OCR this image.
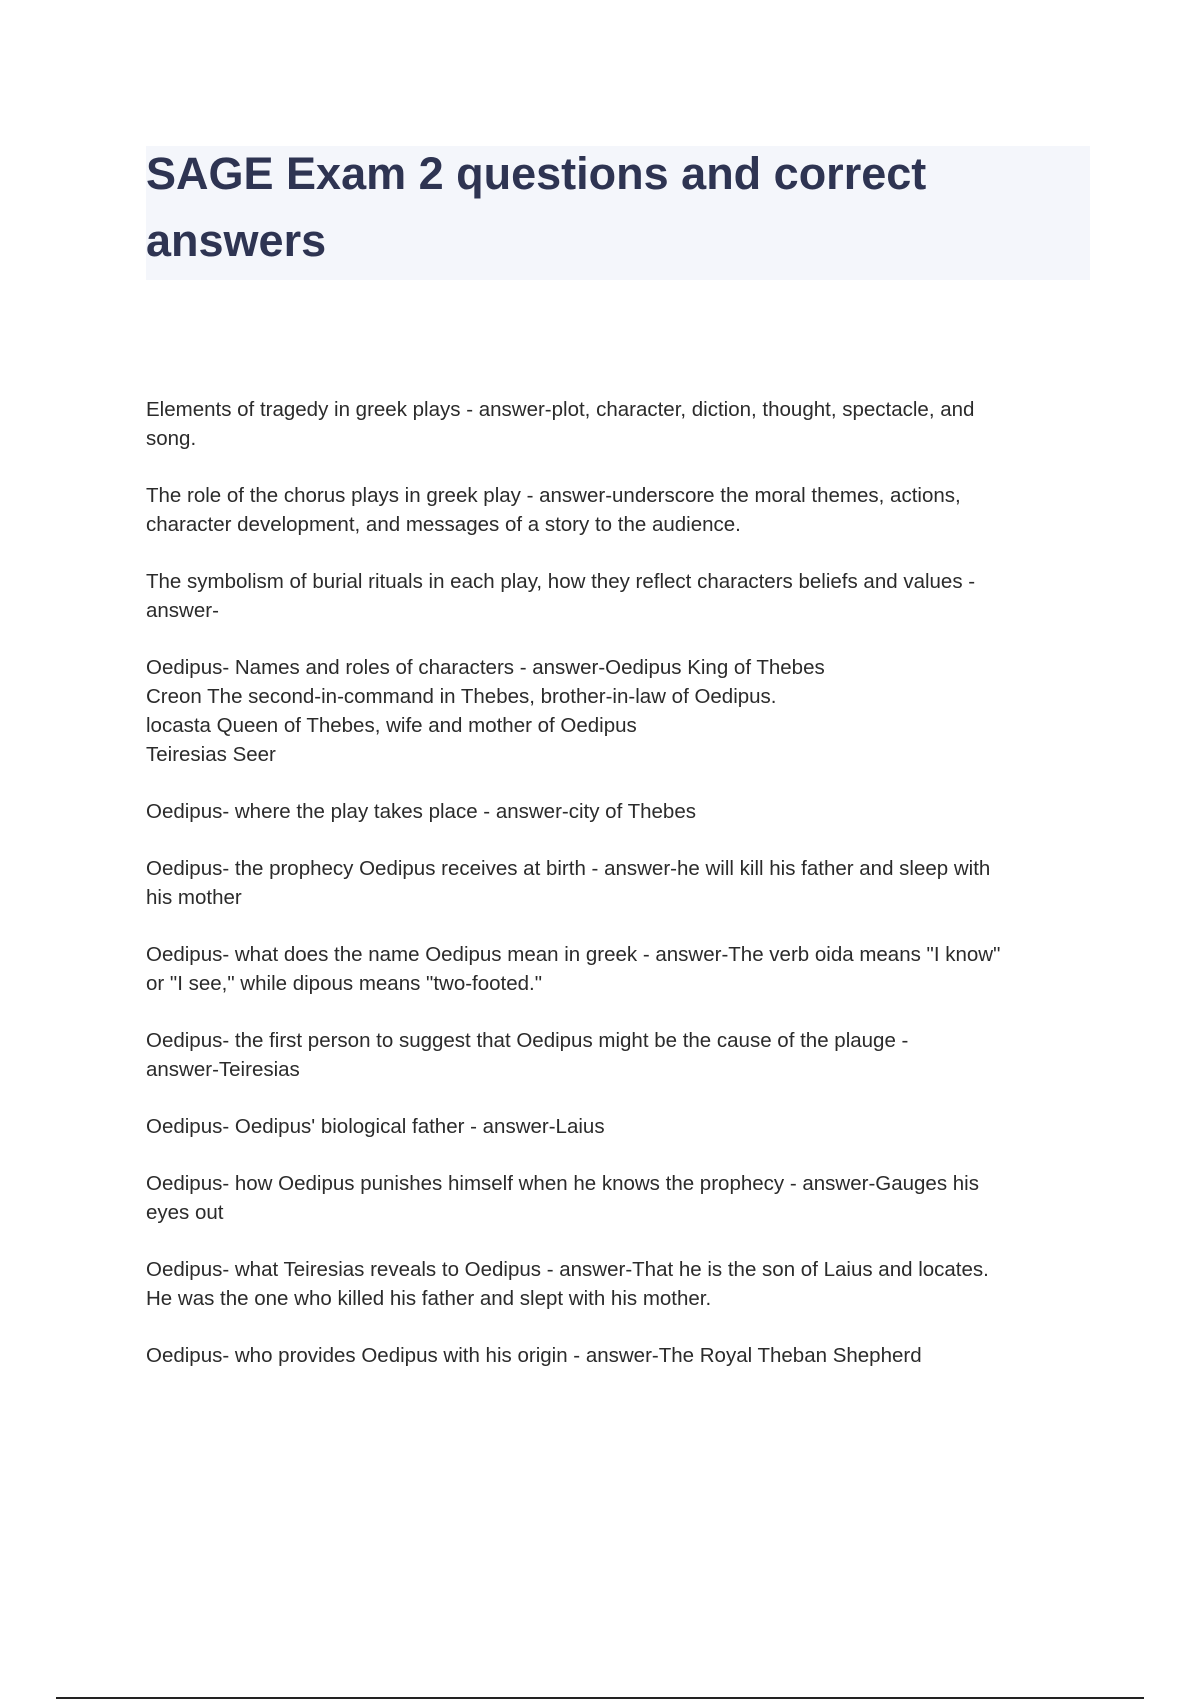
SAGE Exam 2 questions and correct answers

Elements of tragedy in greek plays - answer-plot, character, diction, thought, spectacle, and
song.

The role of the chorus plays in greek play - answer-underscore the moral themes, actions,
character development, and messages of a story to the audience.

The symbolism of burial rituals in each play, how they reflect characters beliefs and values -
answer-

Oedipus- Names and roles of characters - answer-Oedipus King of Thebes
Creon The second-in-command in Thebes, brother-in-law of Oedipus.
locasta Queen of Thebes, wife and mother of Oedipus
Teiresias Seer

Oedipus- where the play takes place - answer-city of Thebes

Oedipus- the prophecy Oedipus receives at birth - answer-he will kill his father and sleep with
his mother

Oedipus- what does the name Oedipus mean in greek - answer-The verb oida means "I know"
or "I see," while dipous means "two-footed."

Oedipus- the first person to suggest that Oedipus might be the cause of the plauge -
answer-Teiresias

Oedipus- Oedipus' biological father - answer-Laius

Oedipus- how Oedipus punishes himself when he knows the prophecy - answer-Gauges his
eyes out

Oedipus- what Teiresias reveals to Oedipus - answer-That he is the son of Laius and locates.
He was the one who killed his father and slept with his mother.

Oedipus- who provides Oedipus with his origin - answer-The Royal Theban Shepherd
